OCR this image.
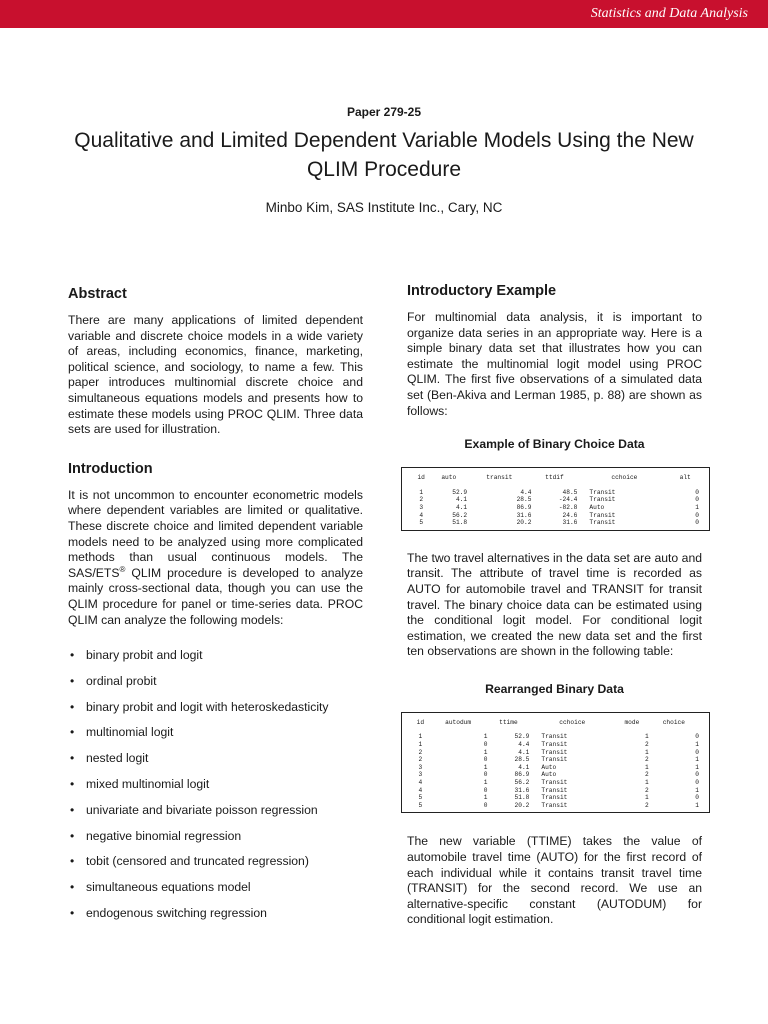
Statistics and Data Analysis
Paper 279-25
Qualitative and Limited Dependent Variable Models Using the New QLIM Procedure
Minbo Kim, SAS Institute Inc., Cary, NC
Abstract

There are many applications of limited dependent variable and discrete choice models in a wide variety of areas, including economics, finance, marketing, political science, and sociology, to name a few. This paper introduces multinomial discrete choice and simultaneous equations models and presents how to estimate these models using PROC QLIM. Three data sets are used for illustration.

Introduction

It is not uncommon to encounter econometric models where dependent variables are limited or qualitative. These discrete choice and limited dependent variable models need to be analyzed using more complicated methods than usual continuous models. The SAS/ETS® QLIM procedure is developed to analyze mainly cross-sectional data, though you can use the QLIM procedure for panel or time-series data. PROC QLIM can analyze the following models:

• binary probit and logit
• ordinal probit
• binary probit and logit with heteroskedasticity
• multinomial logit
• nested logit
• mixed multinomial logit
• univariate and bivariate poisson regression
• negative binomial regression
• tobit (censored and truncated regression)
• simultaneous equations model
• endogenous switching regression
Introductory Example

For multinomial data analysis, it is important to organize data series in an appropriate way. Here is a simple binary data set that illustrates how you can estimate the multinomial logit model using PROC QLIM. The first five observations of a simulated data set (Ben-Akiva and Lerman 1985, p. 88) are shown as follows:

Example of Binary Choice Data
id	auto	transit	ttdif	cchoice	alt
1	52.9	4.4	48.5	Transit	0
2	4.1	28.5	-24.4	Transit	0
3	4.1	86.9	-82.8	Auto	1
4	56.2	31.6	24.6	Transit	0
5	51.8	20.2	31.6	Transit	0

The two travel alternatives in the data set are auto and transit. The attribute of travel time is recorded as AUTO for automobile travel and TRANSIT for transit travel. The binary choice data can be estimated using the conditional logit model. For conditional logit estimation, we created the new data set and the first ten observations are shown in the following table:

Rearranged Binary Data
id	autodum	ttime	cchoice	mode	choice
1	1	52.9	Transit	1	0
1	0	4.4	Transit	2	1
2	1	4.1	Transit	1	0
2	0	28.5	Transit	2	1
3	1	4.1	Auto	1	1
3	0	86.9	Auto	2	0
4	1	56.2	Transit	1	0
4	0	31.6	Transit	2	1
5	1	51.8	Transit	1	0
5	0	20.2	Transit	2	1

The new variable (TTIME) takes the value of automobile travel time (AUTO) for the first record of each individual while it contains transit travel time (TRANSIT) for the second record. We use an alternative-specific constant (AUTODUM) for conditional logit estimation.
